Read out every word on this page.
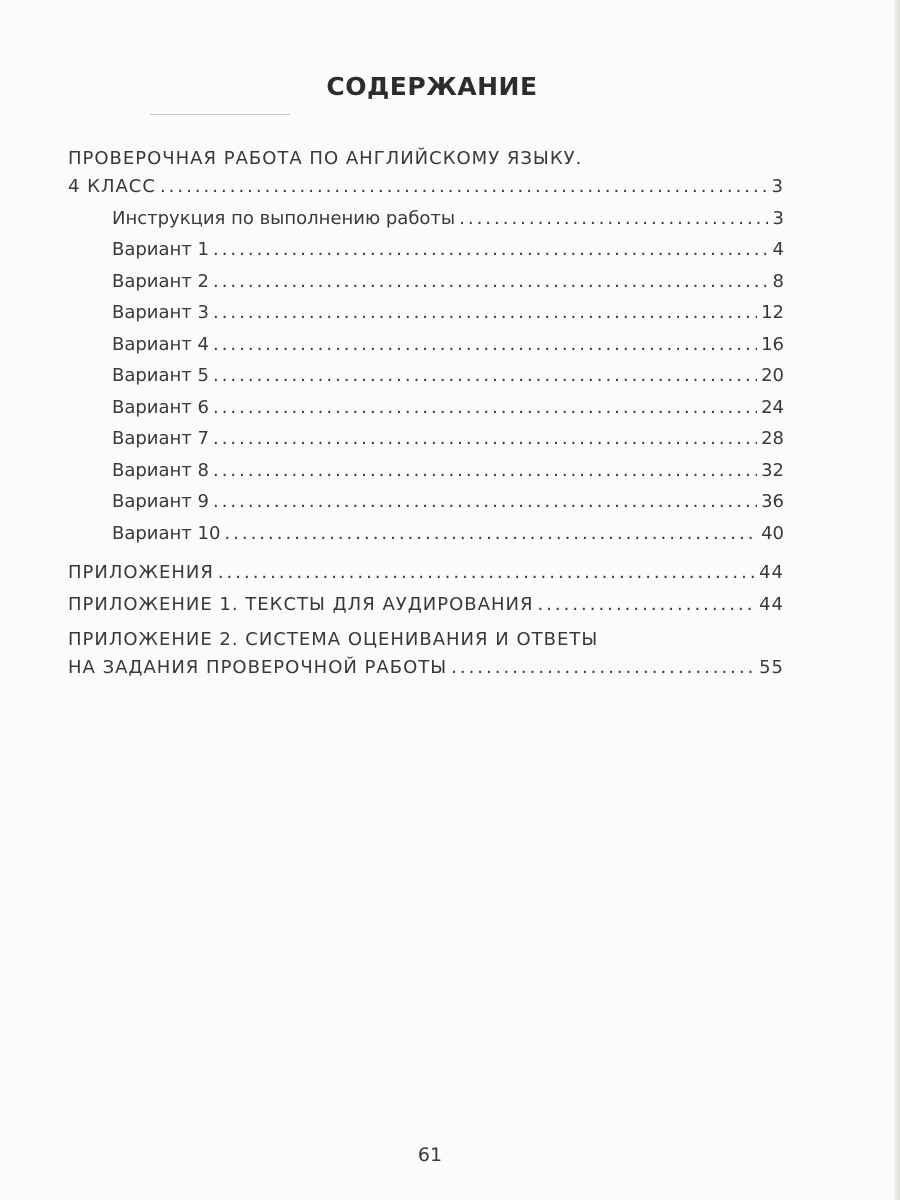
СОДЕРЖАНИЕ
ПРОВЕРОЧНАЯ РАБОТА ПО АНГЛИЙСКОМУ ЯЗЫКУ.
4 КЛАСС .....	3
Инструкция по выполнению работы .....	3
Вариант 1 .....	4
Вариант 2 .....	8
Вариант 3 .....	12
Вариант 4 .....	16
Вариант 5 .....	20
Вариант 6 .....	24
Вариант 7 .....	28
Вариант 8 .....	32
Вариант 9 .....	36
Вариант 10 .....	40
ПРИЛОЖЕНИЯ .....	44
ПРИЛОЖЕНИЕ 1. ТЕКСТЫ ДЛЯ АУДИРОВАНИЯ .....	44
ПРИЛОЖЕНИЕ 2. СИСТЕМА ОЦЕНИВАНИЯ И ОТВЕТЫ
НА ЗАДАНИЯ ПРОВЕРОЧНОЙ РАБОТЫ .....	55
61
